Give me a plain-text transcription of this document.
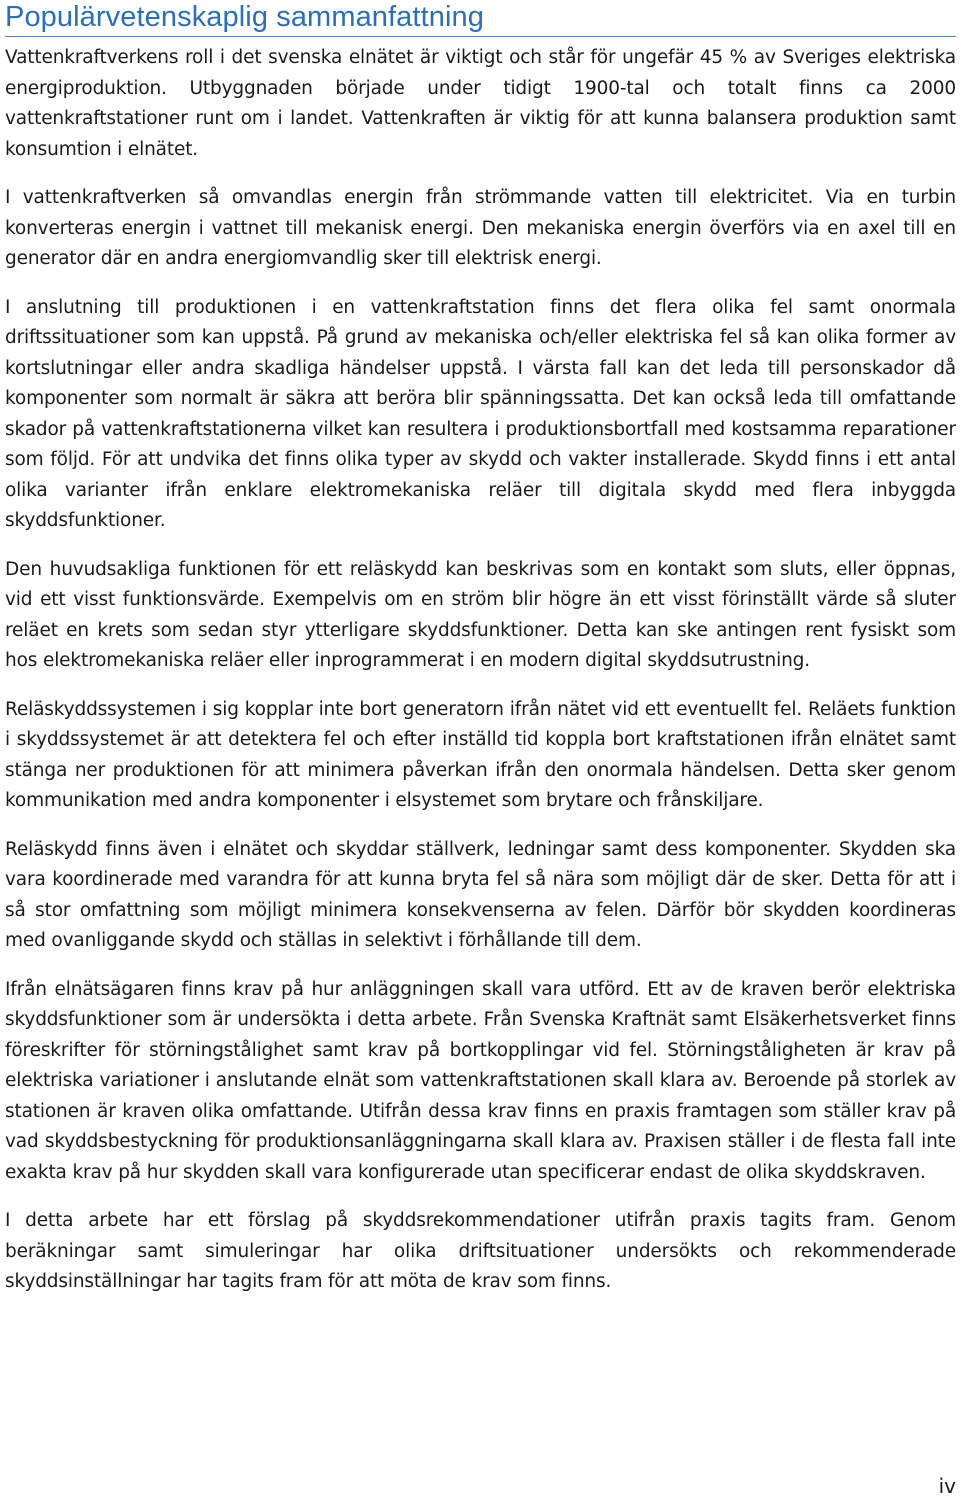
Populärvetenskaplig sammanfattning

Vattenkraftverkens roll i det svenska elnätet är viktigt och står för ungefär 45 % av Sveriges elektriska energiproduktion. Utbyggnaden började under tidigt 1900-tal och totalt finns ca 2000 vattenkraftstationer runt om i landet. Vattenkraften är viktig för att kunna balansera produktion samt konsumtion i elnätet.

I vattenkraftverken så omvandlas energin från strömmande vatten till elektricitet. Via en turbin konverteras energin i vattnet till mekanisk energi. Den mekaniska energin överförs via en axel till en generator där en andra energiomvandlig sker till elektrisk energi.

I anslutning till produktionen i en vattenkraftstation finns det flera olika fel samt onormala driftssituationer som kan uppstå. På grund av mekaniska och/eller elektriska fel så kan olika former av kortslutningar eller andra skadliga händelser uppstå. I värsta fall kan det leda till personskador då komponenter som normalt är säkra att beröra blir spänningssatta. Det kan också leda till omfattande skador på vattenkraftstationerna vilket kan resultera i produktionsbortfall med kostsamma reparationer som följd. För att undvika det finns olika typer av skydd och vakter installerade. Skydd finns i ett antal olika varianter ifrån enklare elektromekaniska reläer till digitala skydd med flera inbyggda skyddsfunktioner.

Den huvudsakliga funktionen för ett reläskydd kan beskrivas som en kontakt som sluts, eller öppnas, vid ett visst funktionsvärde. Exempelvis om en ström blir högre än ett visst förinställt värde så sluter reläet en krets som sedan styr ytterligare skyddsfunktioner. Detta kan ske antingen rent fysiskt som hos elektromekaniska reläer eller inprogrammerat i en modern digital skyddsutrustning.

Reläskyddssystemen i sig kopplar inte bort generatorn ifrån nätet vid ett eventuellt fel. Reläets funktion i skyddssystemet är att detektera fel och efter inställd tid koppla bort kraftstationen ifrån elnätet samt stänga ner produktionen för att minimera påverkan ifrån den onormala händelsen. Detta sker genom kommunikation med andra komponenter i elsystemet som brytare och frånskiljare.

Reläskydd finns även i elnätet och skyddar ställverk, ledningar samt dess komponenter. Skydden ska vara koordinerade med varandra för att kunna bryta fel så nära som möjligt där de sker. Detta för att i så stor omfattning som möjligt minimera konsekvenserna av felen. Därför bör skydden koordineras med ovanliggande skydd och ställas in selektivt i förhållande till dem.

Ifrån elnätsägaren finns krav på hur anläggningen skall vara utförd. Ett av de kraven berör elektriska skyddsfunktioner som är undersökta i detta arbete. Från Svenska Kraftnät samt Elsäkerhetsverket finns föreskrifter för störningstålighet samt krav på bortkopplingar vid fel. Störningståligheten är krav på elektriska variationer i anslutande elnät som vattenkraftstationen skall klara av. Beroende på storlek av stationen är kraven olika omfattande. Utifrån dessa krav finns en praxis framtagen som ställer krav på vad skyddsbestyckning för produktionsanläggningarna skall klara av. Praxisen ställer i de flesta fall inte exakta krav på hur skydden skall vara konfigurerade utan specificerar endast de olika skyddskraven.

I detta arbete har ett förslag på skyddsrekommendationer utifrån praxis tagits fram. Genom beräkningar samt simuleringar har olika driftsituationer undersökts och rekommenderade skyddsinställningar har tagits fram för att möta de krav som finns.

iv
